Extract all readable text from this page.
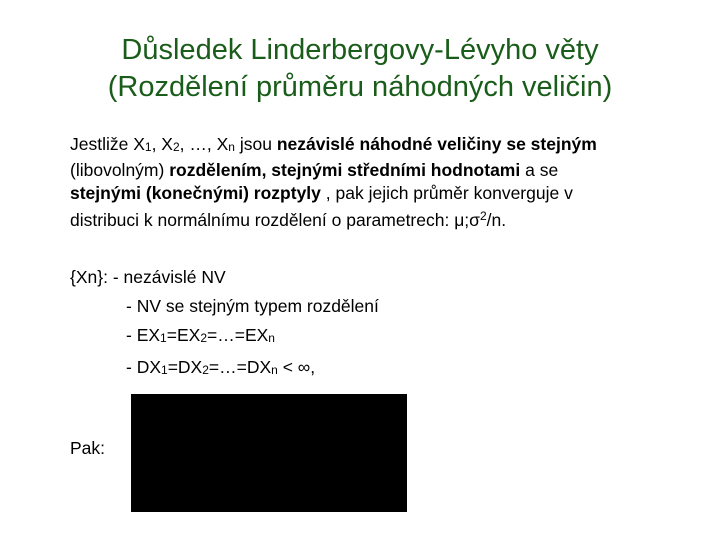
Důsledek Linderbergovy-Lévyho věty
(Rozdělení průměru náhodných veličin)
Jestliže $X_1$, $X_2$, …, $X_n$ jsou nezávislé náhodné veličiny se stejným
(libovolným) rozdělením, stejnými středními hodnotami a se
stejnými (konečnými) rozptyly , pak jejich průměr konverguje v
distribuci k normálnímu rozdělení o parametrech: $\mu;\sigma^2/n$.
{Xn}: - nezávislé NV
- NV se stejným typem rozdělení
- $EX_1=EX_2=\dots=EX_n$
- $DX_1=DX_2=\dots=DX_n$ < ∞,
Pak:
